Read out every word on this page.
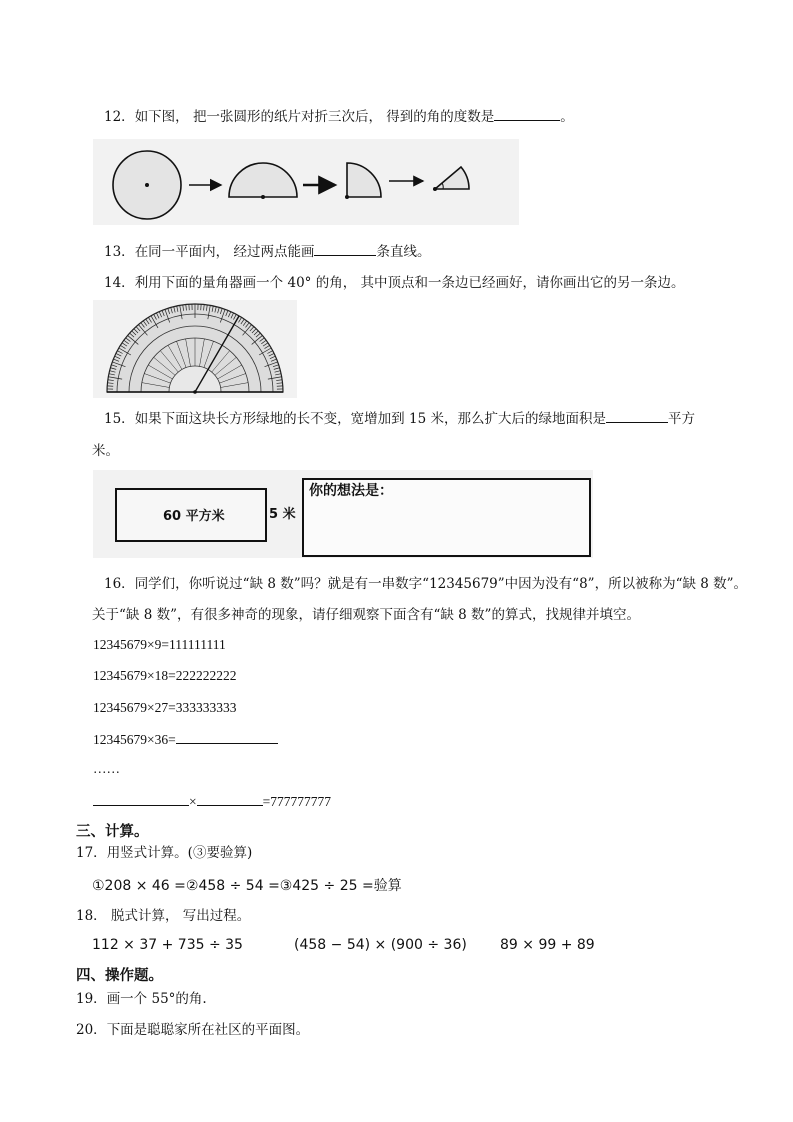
12．如下图， 把一张圆形的纸片对折三次后， 得到的角的度数是	。
13．在同一平面内， 经过两点能画	条直线。
14．利用下面的量角器画一个 40° 的角， 其中顶点和一条边已经画好，请你画出它的另一条边。
15．如果下面这块长方形绿地的长不变，宽增加到 15 米，那么扩大后的绿地面积是	平方
米。
60 平方米	5 米
你的想法是：
16．同学们，你听说过“缺 8 数”吗？就是有一串数字“12345679”中因为没有“8”，所以被称为“缺 8 数”。
关于“缺 8 数”，有很多神奇的现象，请仔细观察下面含有“缺 8 数”的算式，找规律并填空。
12345679×9=111111111
12345679×18=222222222
12345679×27=333333333
12345679×36=
……
×	=777777777
三、计算。
17．用竖式计算。(③要验算)
①208 × 46 =②458 ÷ 54 =③425 ÷ 25 =验算
18． 脱式计算， 写出过程。
112 × 37 + 735 ÷ 35	(458 − 54) × (900 ÷ 36) 89 × 99 + 89
四、操作题。
19．画一个 55°的角.
20．下面是聪聪家所在社区的平面图。
